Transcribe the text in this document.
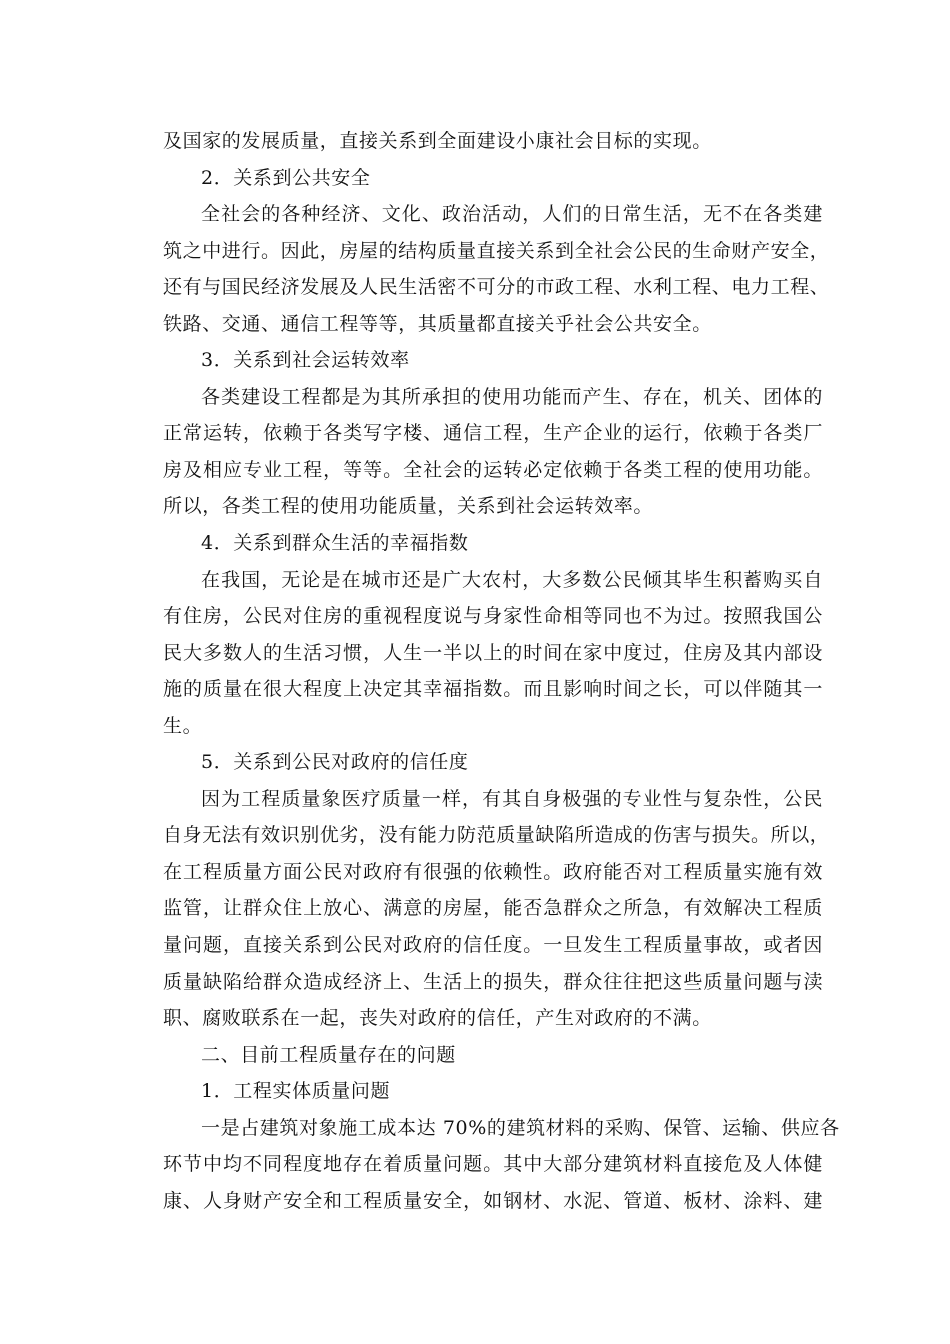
及国家的发展质量，直接关系到全面建设小康社会目标的实现。
2．关系到公共安全
全社会的各种经济、文化、政治活动，人们的日常生活，无不在各类建
筑之中进行。因此，房屋的结构质量直接关系到全社会公民的生命财产安全，
还有与国民经济发展及人民生活密不可分的市政工程、水利工程、电力工程、
铁路、交通、通信工程等等，其质量都直接关乎社会公共安全。
3．关系到社会运转效率
各类建设工程都是为其所承担的使用功能而产生、存在，机关、团体的
正常运转，依赖于各类写字楼、通信工程，生产企业的运行，依赖于各类厂
房及相应专业工程，等等。全社会的运转必定依赖于各类工程的使用功能。
所以，各类工程的使用功能质量，关系到社会运转效率。
4．关系到群众生活的幸福指数
在我国，无论是在城市还是广大农村，大多数公民倾其毕生积蓄购买自
有住房，公民对住房的重视程度说与身家性命相等同也不为过。按照我国公
民大多数人的生活习惯，人生一半以上的时间在家中度过，住房及其内部设
施的质量在很大程度上决定其幸福指数。而且影响时间之长，可以伴随其一
生。
5．关系到公民对政府的信任度
因为工程质量象医疗质量一样，有其自身极强的专业性与复杂性，公民
自身无法有效识别优劣，没有能力防范质量缺陷所造成的伤害与损失。所以，
在工程质量方面公民对政府有很强的依赖性。政府能否对工程质量实施有效
监管，让群众住上放心、满意的房屋，能否急群众之所急，有效解决工程质
量问题，直接关系到公民对政府的信任度。一旦发生工程质量事故，或者因
质量缺陷给群众造成经济上、生活上的损失，群众往往把这些质量问题与渎
职、腐败联系在一起，丧失对政府的信任，产生对政府的不满。
二、目前工程质量存在的问题
1．工程实体质量问题
一是占建筑对象施工成本达 70%的建筑材料的采购、保管、运输、供应各
环节中均不同程度地存在着质量问题。其中大部分建筑材料直接危及人体健
康、人身财产安全和工程质量安全，如钢材、水泥、管道、板材、涂料、建
